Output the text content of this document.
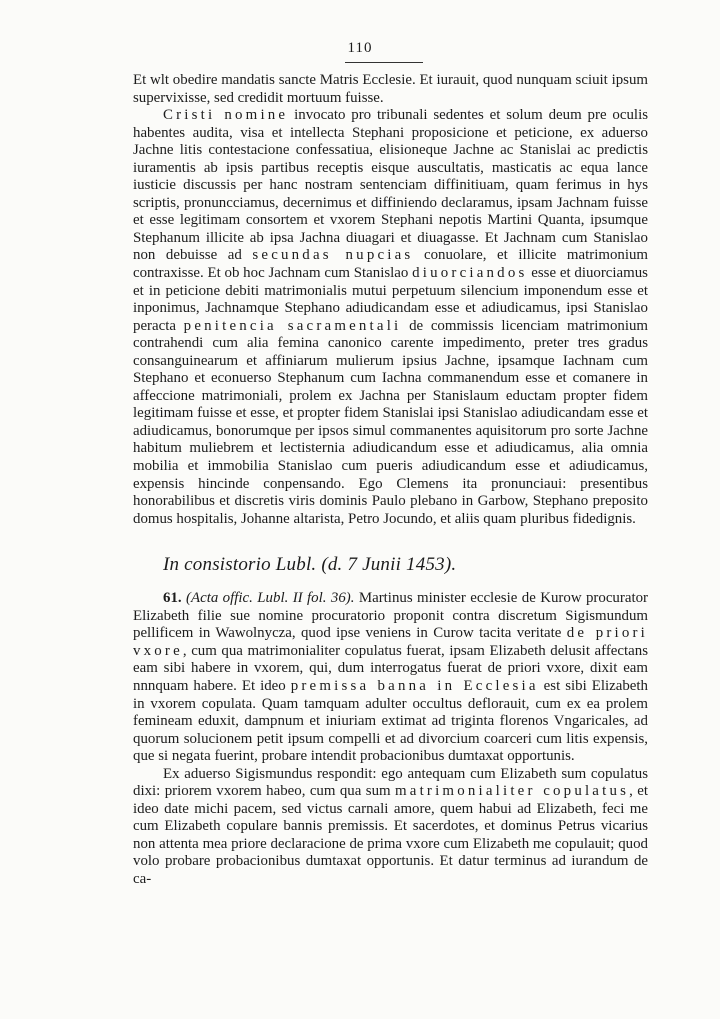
110

Et wlt obedire mandatis sancte Matris Ecclesie. Et iurauit, quod nunquam sciuit ipsum supervixisse, sed credidit mortuum fuisse.

Cristi nomine invocato pro tribunali sedentes et solum deum pre oculis habentes audita, visa et intellecta Stephani proposicione et peticione, ex aduerso Jachne litis contestacione confessatiua, elisioneque Jachne ac Stanislai ac predictis iuramentis ab ipsis partibus receptis eisque auscultatis, masticatis ac equa lance iusticie discussis per hanc nostram sentenciam diffinitiuam, quam ferimus in hys scriptis, pronuncciamus, decernimus et diffiniendo declaramus, ipsam Jachnam fuisse et esse legitimam consortem et vxorem Stephani nepotis Martini Quanta, ipsumque Stephanum illicite ab ipsa Jachna diuagari et diuagasse. Et Jachnam cum Stanislao non debuisse ad secundas nupcias conuolare, et illicite matrimonium contraxisse. Et ob hoc Jachnam cum Stanislao diuorciandos esse et diuorciamus et in peticione debiti matrimonialis mutui perpetuum silencium imponendum esse et inponimus, Jachnamque Stephano adiudicandam esse et adiudicamus, ipsi Stanislao peracta penitencia sacramentali de commissis licenciam matrimonium contrahendi cum alia femina canonico carente impedimento, preter tres gradus consanguinearum et affiniarum mulierum ipsius Jachne, ipsamque Iachnam cum Stephano et econuerso Stephanum cum Iachna commanendum esse et comanere in affeccione matrimoniali, prolem ex Jachna per Stanislaum eductam propter fidem legitimam fuisse et esse, et propter fidem Stanislai ipsi Stanislao adiudicandam esse et adiudicamus, bonorumque per ipsos simul commanentes aquisitorum pro sorte Jachne habitum muliebrem et lectisternia adiudicandum esse et adiudicamus, alia omnia mobilia et immobilia Stanislao cum pueris adiudicandum esse et adiudicamus, expensis hincinde conpensando. Ego Clemens ita pronunciaui: presentibus honorabilibus et discretis viris dominis Paulo plebano in Garbow, Stephano preposito domus hospitalis, Johanne altarista, Petro Jocundo, et aliis quam pluribus fidedignis.

In consistorio Lubl. (d. 7 Junii 1453).

61. (Acta offic. Lubl. II fol. 36). Martinus minister ecclesie de Kurow procurator Elizabeth filie sue nomine procuratorio proponit contra discretum Sigismundum pellificem in Wawolnycza, quod ipse veniens in Curow tacita veritate de priori vxore, cum qua matrimonialiter copulatus fuerat, ipsam Elizabeth delusit affectans eam sibi habere in vxorem, qui, dum interrogatus fuerat de priori vxore, dixit eam nnnquam habere. Et ideo premissa banna in Ecclesia est sibi Elizabeth in vxorem copulata. Quam tamquam adulter occultus deflorauit, cum ex ea prolem femineam eduxit, dampnum et iniuriam extimat ad triginta florenos Vngaricales, ad quorum solucionem petit ipsum compelli et ad divorcium coarceri cum litis expensis, que si negata fuerint, probare intendit probacionibus dumtaxat opportunis.

Ex aduerso Sigismundus respondit: ego antequam cum Elizabeth sum copulatus dixi: priorem vxorem habeo, cum qua sum matrimonialiter copulatus, et ideo date michi pacem, sed victus carnali amore, quem habui ad Elizabeth, feci me cum Elizabeth copulare bannis premissis. Et sacerdotes, et dominus Petrus vicarius non attenta mea priore declaracione de prima vxore cum Elizabeth me copulauit; quod volo probare probacionibus dumtaxat opportunis. Et datur terminus ad iurandum de ca-
